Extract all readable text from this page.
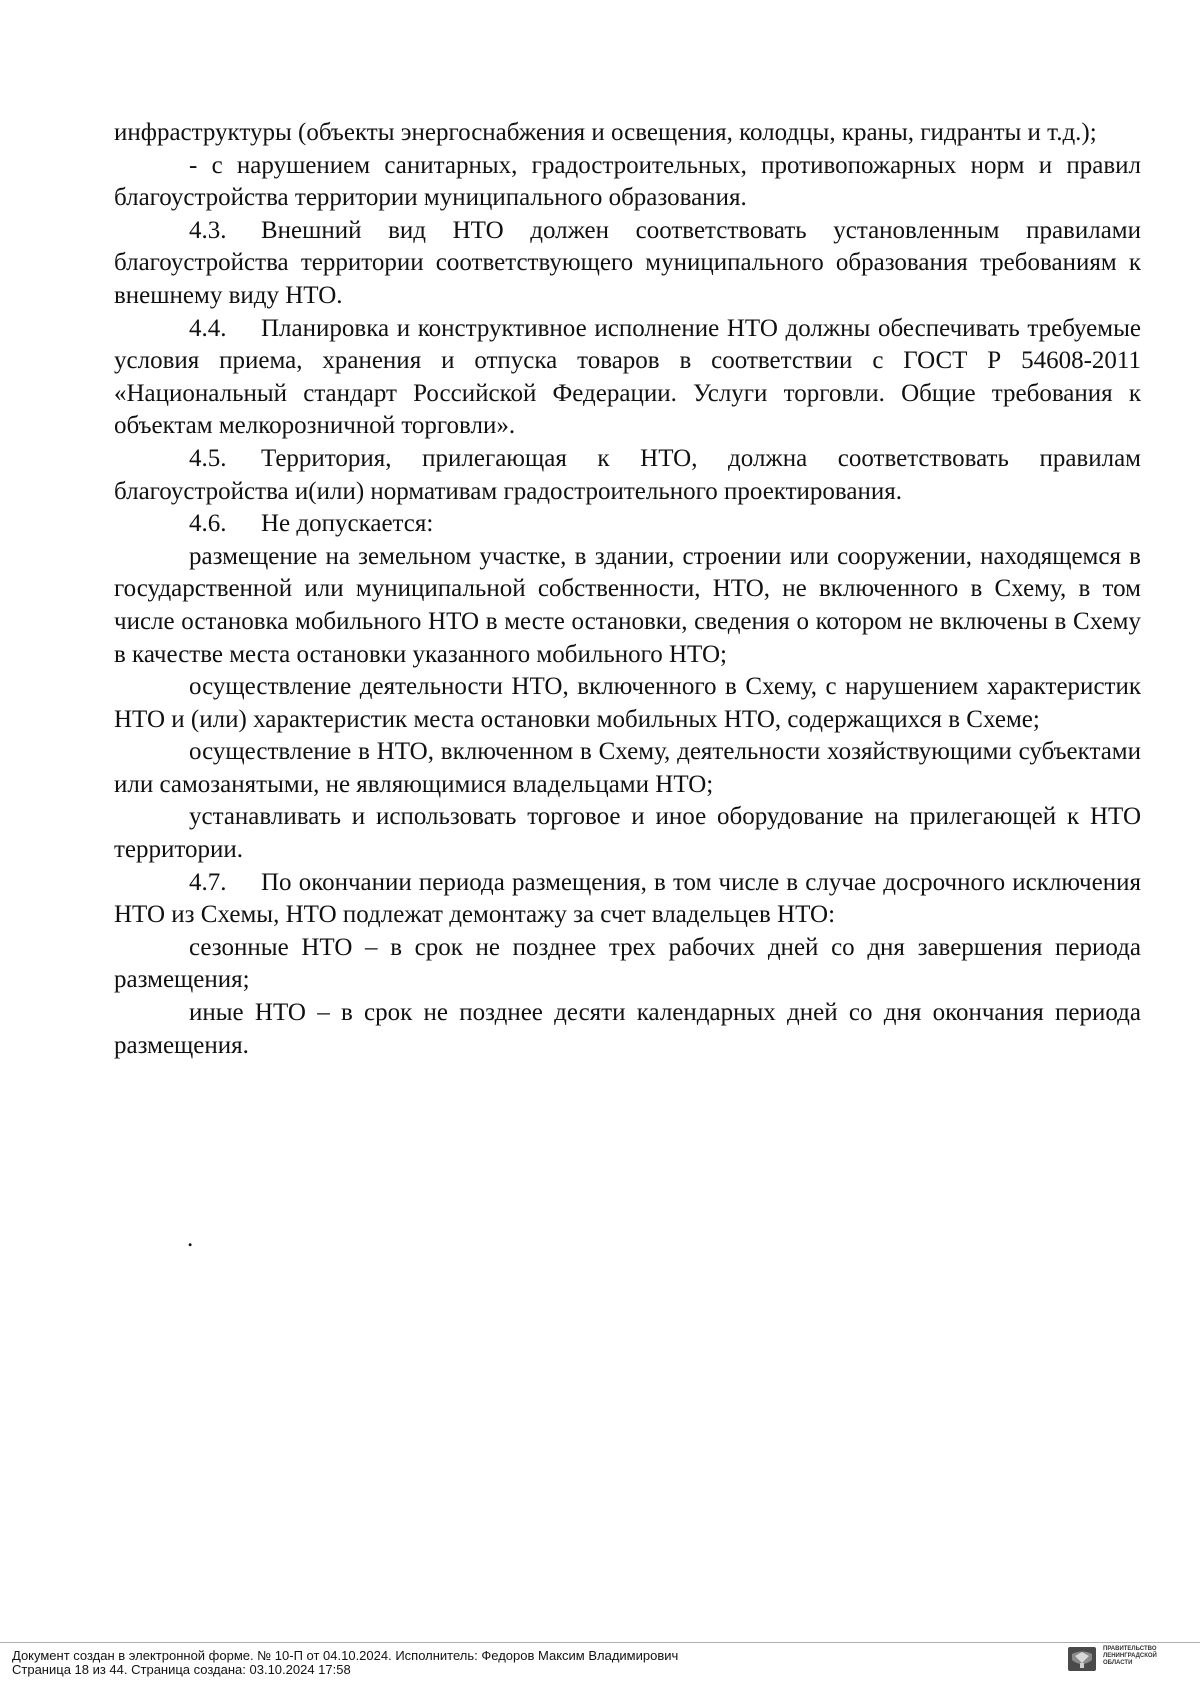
инфраструктуры (объекты энергоснабжения и освещения, колодцы, краны, гидранты и т.д.);

- с нарушением санитарных, градостроительных, противопожарных норм и правил благоустройства территории муниципального образования.

4.3. Внешний вид НТО должен соответствовать установленным правилами благоустройства территории соответствующего муниципального образования требованиям к внешнему виду НТО.

4.4. Планировка и конструктивное исполнение НТО должны обеспечивать требуемые условия приема, хранения и отпуска товаров в соответствии с ГОСТ Р 54608-2011 «Национальный стандарт Российской Федерации. Услуги торговли. Общие требования к объектам мелкорозничной торговли».

4.5. Территория, прилегающая к НТО, должна соответствовать правилам благоустройства и(или) нормативам градостроительного проектирования.

4.6. Не допускается:

размещение на земельном участке, в здании, строении или сооружении, находящемся в государственной или муниципальной собственности, НТО, не включенного в Схему, в том числе остановка мобильного НТО в месте остановки, сведения о котором не включены в Схему в качестве места остановки указанного мобильного НТО;

осуществление деятельности НТО, включенного в Схему, с нарушением характеристик НТО и (или) характеристик места остановки мобильных НТО, содержащихся в Схеме;

осуществление в НТО, включенном в Схему, деятельности хозяйствующими субъектами или самозанятыми, не являющимися владельцами НТО;

устанавливать и использовать торговое и иное оборудование на прилегающей к НТО территории.

4.7. По окончании периода размещения, в том числе в случае досрочного исключения НТО из Схемы, НТО подлежат демонтажу за счет владельцев НТО:

сезонные НТО – в срок не позднее трех рабочих дней со дня завершения периода размещения;

иные НТО – в срок не позднее десяти календарных дней со дня окончания периода размещения.

.
Документ создан в электронной форме. № 10-П от 04.10.2024. Исполнитель: Федоров Максим Владимирович
Страница 18 из 44. Страница создана: 03.10.2024 17:58
ПРАВИТЕЛЬСТВО ЛЕНИНГРАДСКОЙ ОБЛАСТИ
